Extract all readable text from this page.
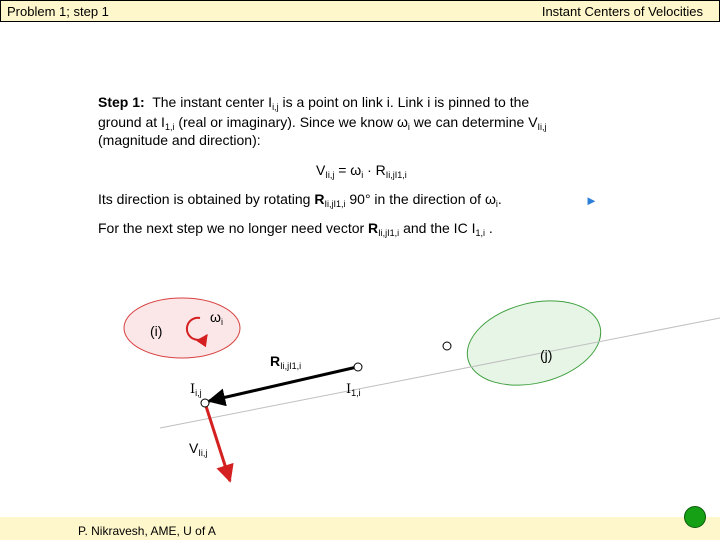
Problem 1; step 1	Instant Centers of Velocities
Step 1: The instant center $I_{i,j}$ is a point on link i. Link i is pinned to the
ground at $I_{1,i}$ (real or imaginary). Since we know $\omega_i$ we can determine $V_{Ii,j}$
(magnitude and direction):
$V_{Ii,j} = \omega_i \cdot R_{Ii,jI1,i}$
Its direction is obtained by rotating $R_{Ii,jI1,i}$ 90° in the direction of $\omega_i$.	►
For the next step we no longer need vector $R_{Ii,jI1,i}$ and the IC $I_{1,i}$ .
(i)
(j)
$\omega_i$
$R_{Ii,jI1,i}$
$I_{i,j}$	$I_{1,i}$
$V_{Ii,j}$
P. Nikravesh, AME, U of A
